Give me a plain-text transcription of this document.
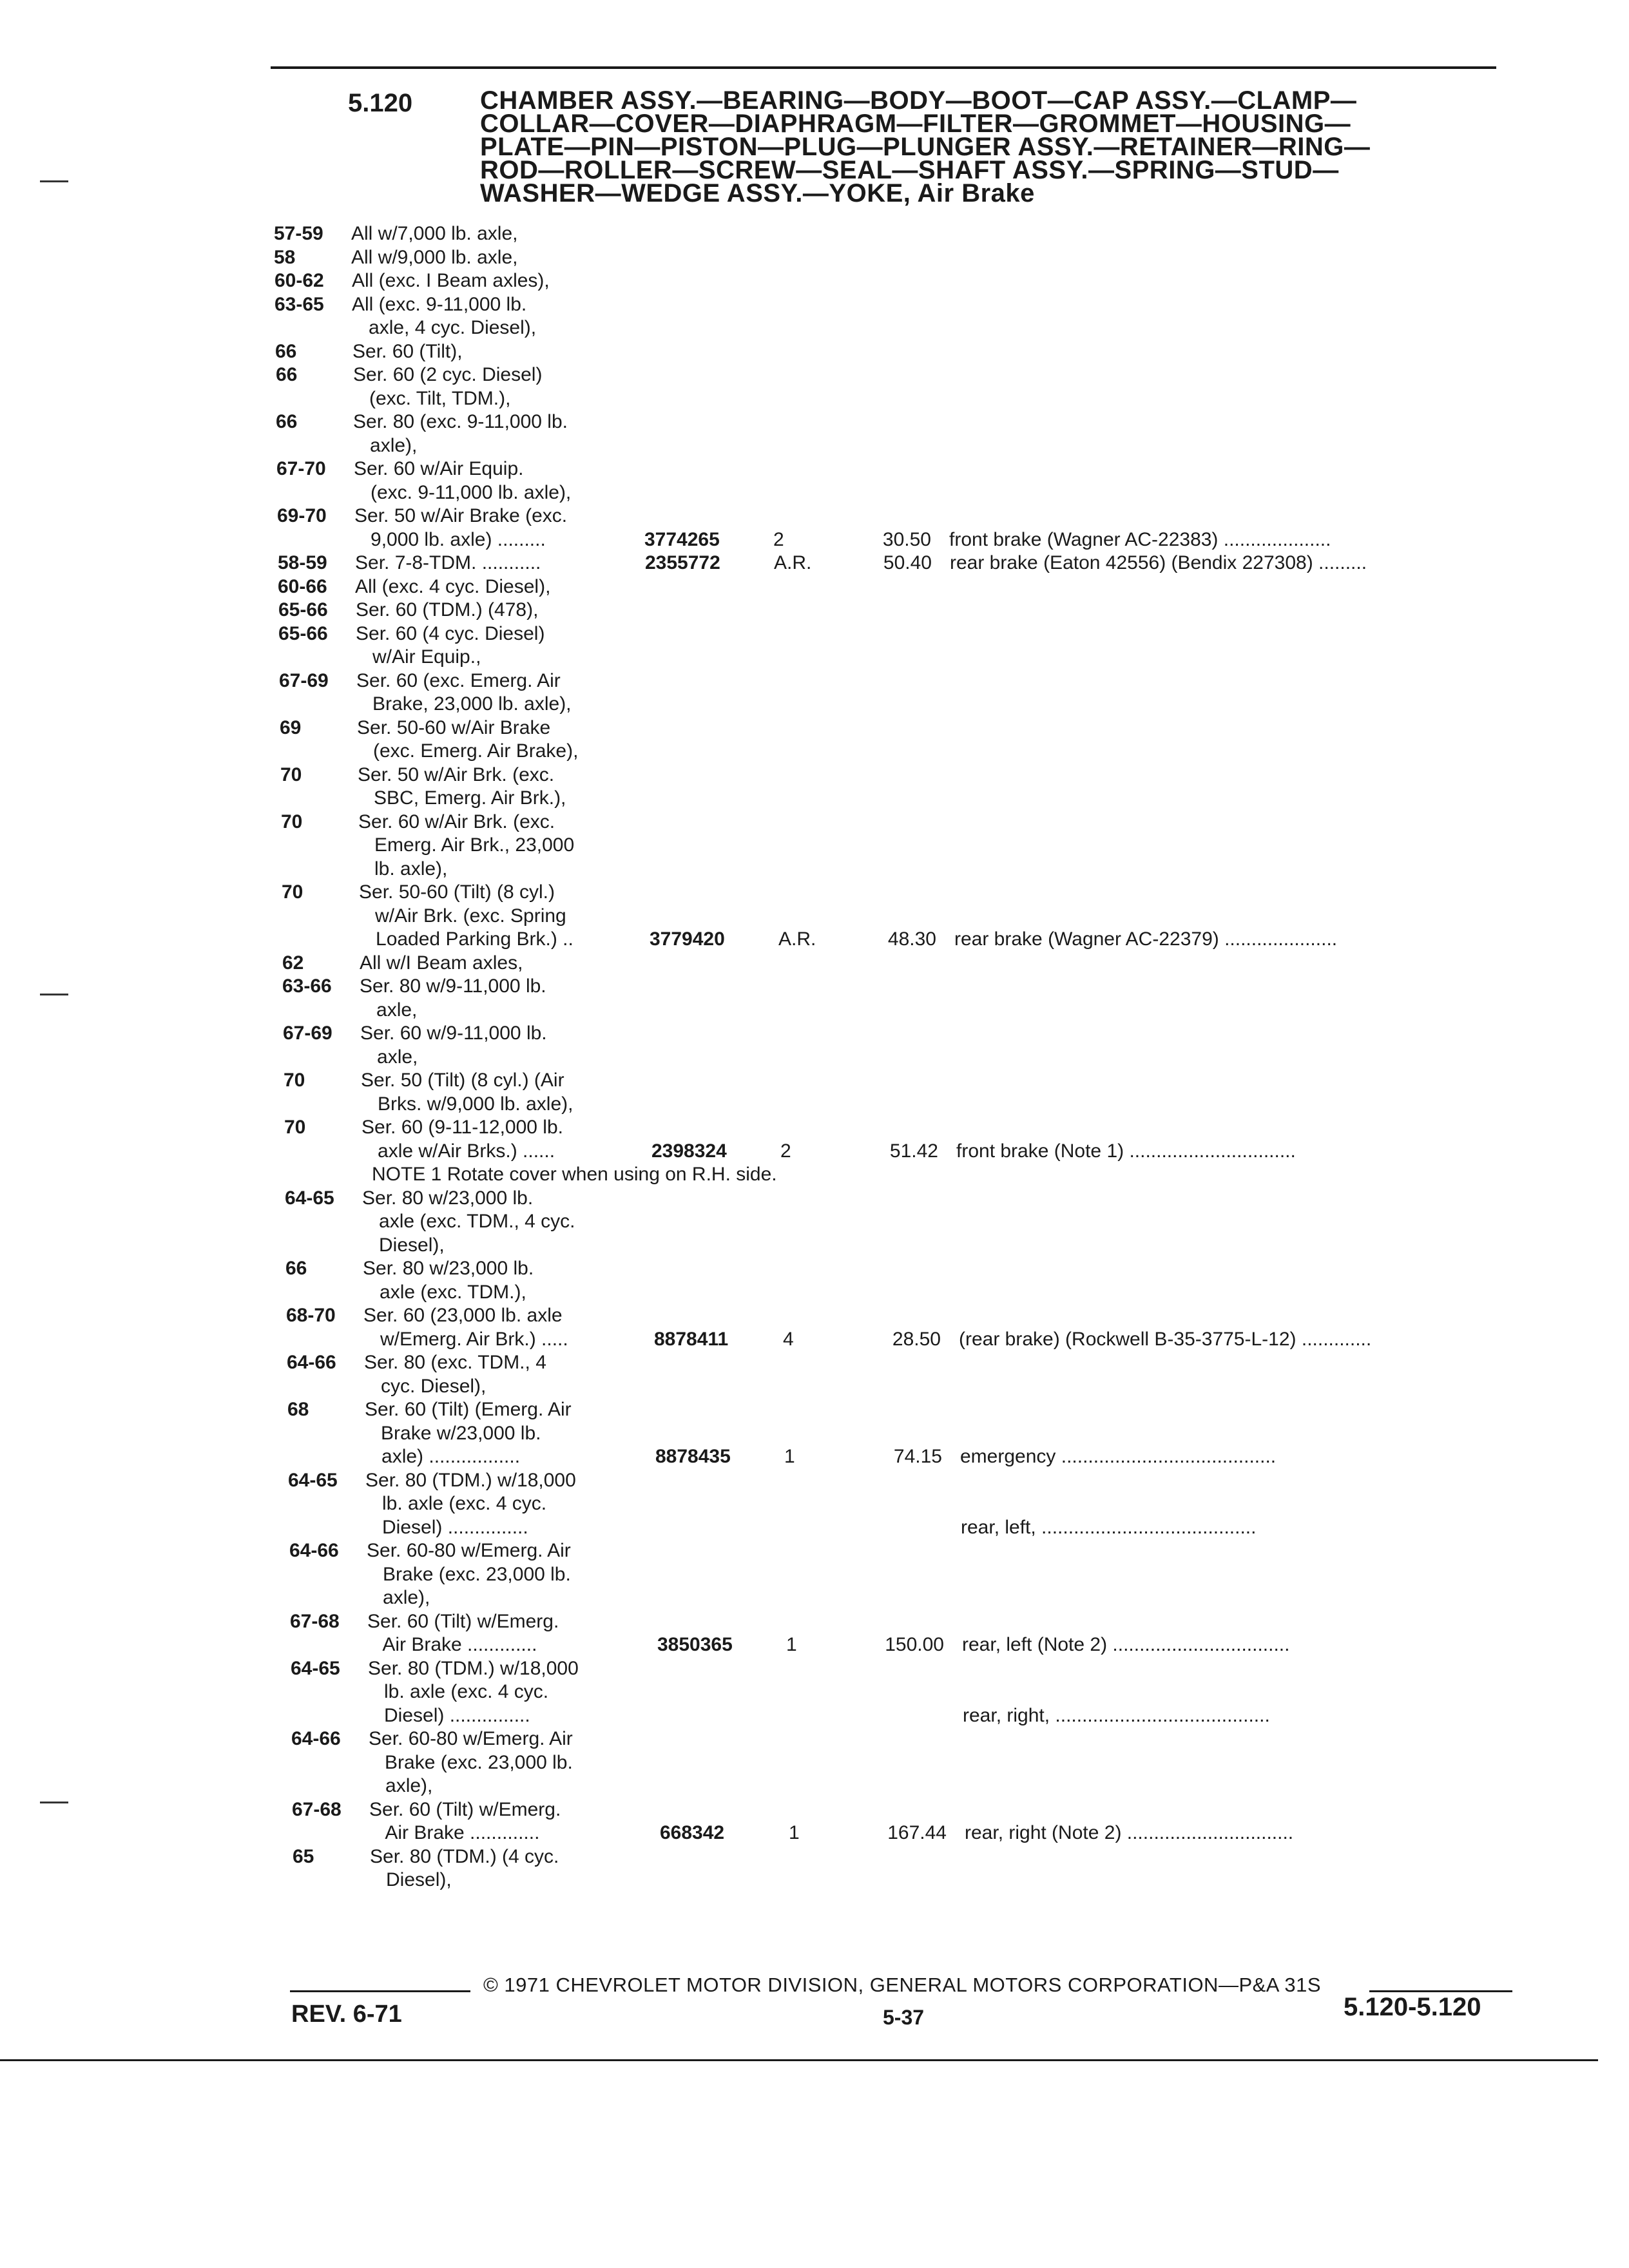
5.120	CHAMBER ASSY.—BEARING—BODY—BOOT—CAP ASSY.—CLAMP—
COLLAR—COVER—DIAPHRAGM—FILTER—GROMMET—HOUSING—
PLATE—PIN—PISTON—PLUG—PLUNGER ASSY.—RETAINER—RING—
ROD—ROLLER—SCREW—SEAL—SHAFT ASSY.—SPRING—STUD—
WASHER—WEDGE ASSY.—YOKE, Air Brake
57-59 All w/7,000 lb. axle,
58	All w/9,000 lb. axle,
60-62 All (exc. I Beam axles),
63-65 All (exc. 9-11,000 lb.
axle, 4 cyc. Diesel),
66	Ser. 60 (Tilt),
66	Ser. 60 (2 cyc. Diesel)
(exc. Tilt, TDM.),
66	Ser. 80 (exc. 9-11,000 lb.
axle),
67-70 Ser. 60 w/Air Equip.
(exc. 9-11,000 lb. axle),
69-70 Ser. 50 w/Air Brake (exc.
9,000 lb. axle) .........	3774265	2	30.50 front brake (Wagner AC-22383) ....................
58-59 Ser. 7-8-TDM. ...........	2355772	A.R.	50.40 rear brake (Eaton 42556) (Bendix 227308) .........
60-66 All (exc. 4 cyc. Diesel),
65-66 Ser. 60 (TDM.) (478),
65-66 Ser. 60 (4 cyc. Diesel)
w/Air Equip.,
67-69 Ser. 60 (exc. Emerg. Air
Brake, 23,000 lb. axle),
69	Ser. 50-60 w/Air Brake
(exc. Emerg. Air Brake),
70	Ser. 50 w/Air Brk. (exc.
SBC, Emerg. Air Brk.),
70	Ser. 60 w/Air Brk. (exc.
Emerg. Air Brk., 23,000
lb. axle),
70	Ser. 50-60 (Tilt) (8 cyl.)
w/Air Brk. (exc. Spring
Loaded Parking Brk.) ..	3779420	A.R.	48.30 rear brake (Wagner AC-22379) .....................
62	All w/I Beam axles,
63-66 Ser. 80 w/9-11,000 lb.
axle,
67-69 Ser. 60 w/9-11,000 lb.
axle,
70	Ser. 50 (Tilt) (8 cyl.) (Air
Brks. w/9,000 lb. axle),
70	Ser. 60 (9-11-12,000 lb.
axle w/Air Brks.) ......	2398324	2	51.42 front brake (Note 1) ...............................
NOTE 1 Rotate cover when using on R.H. side.
64-65 Ser. 80 w/23,000 lb.
axle (exc. TDM., 4 cyc.
Diesel),
66	Ser. 80 w/23,000 lb.
axle (exc. TDM.),
68-70 Ser. 60 (23,000 lb. axle
w/Emerg. Air Brk.) .....	8878411	4	28.50 (rear brake) (Rockwell B-35-3775-L-12) .............
64-66 Ser. 80 (exc. TDM., 4
cyc. Diesel),
68	Ser. 60 (Tilt) (Emerg. Air
Brake w/23,000 lb.
axle) .................	8878435	1	74.15 emergency ........................................
64-65 Ser. 80 (TDM.) w/18,000
lb. axle (exc. 4 cyc.
Diesel) ...............	rear, left, ........................................
64-66 Ser. 60-80 w/Emerg. Air
Brake (exc. 23,000 lb.
axle),
67-68 Ser. 60 (Tilt) w/Emerg.
Air Brake .............	3850365	1	150.00 rear, left (Note 2) .................................
64-65 Ser. 80 (TDM.) w/18,000
lb. axle (exc. 4 cyc.
Diesel) ...............	rear, right, ........................................
64-66 Ser. 60-80 w/Emerg. Air
Brake (exc. 23,000 lb.
axle),
67-68 Ser. 60 (Tilt) w/Emerg.
Air Brake .............	668342	1	167.44 rear, right (Note 2) ...............................
65	Ser. 80 (TDM.) (4 cyc.
Diesel),
© 1971 CHEVROLET MOTOR DIVISION, GENERAL MOTORS CORPORATION—P&A 31S
REV. 6-71	5-37	5.120-5.120
